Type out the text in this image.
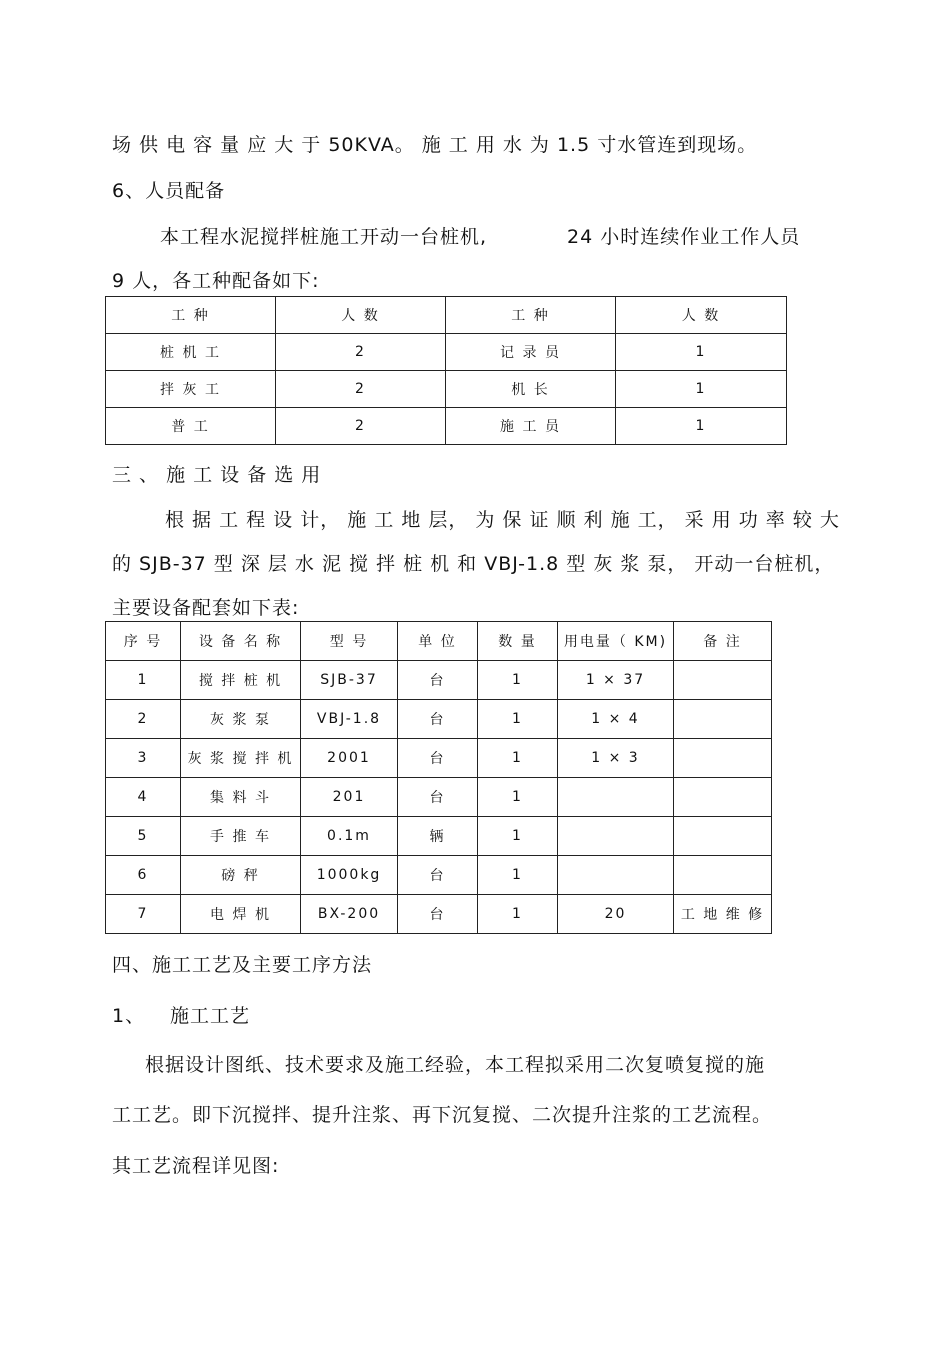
场 供 电 容 量 应 大 于 50KVA。 施 工 用 水 为 1.5 寸水管连到现场。
6、人员配备
本工程水泥搅拌桩施工开动一台桩机,	24 小时连续作业工作人员
9 人，各工种配备如下:
工 种	人 数	工 种	人 数
桩 机 工	2	记 录 员	1
拌 灰 工	2	机 长	1
普 工	2	施 工 员	1
三 、 施 工 设 备 选 用
根 据 工 程 设 计， 施 工 地 层， 为 保 证 顺 利 施 工， 采 用 功 率 较 大
的 SJB-37 型 深 层 水 泥 搅 拌 桩 机 和 VBJ-1.8 型 灰 浆 泵， 开动一台桩机，
主要设备配套如下表:
序 号	设 备 名 称	型 号	单 位	数 量	用电量（ KM)	备 注
1	搅 拌 桩 机	SJB-37	台	1	1 × 37	
2	灰 浆 泵	VBJ-1.8	台	1	1 × 4	
3	灰 浆 搅 拌 机	2001	台	1	1 × 3	
4	集 料 斗	201	台	1		
5	手 推 车	0.1m	辆	1		
6	磅 秤	1000kg	台	1		
7	电 焊 机	BX-200	台	1	20	工 地 维 修
四、施工工艺及主要工序方法
1、 施工工艺
根据设计图纸、技术要求及施工经验，本工程拟采用二次复喷复搅的施
工工艺。即下沉搅拌、提升注浆、再下沉复搅、二次提升注浆的工艺流程。
其工艺流程详见图:
